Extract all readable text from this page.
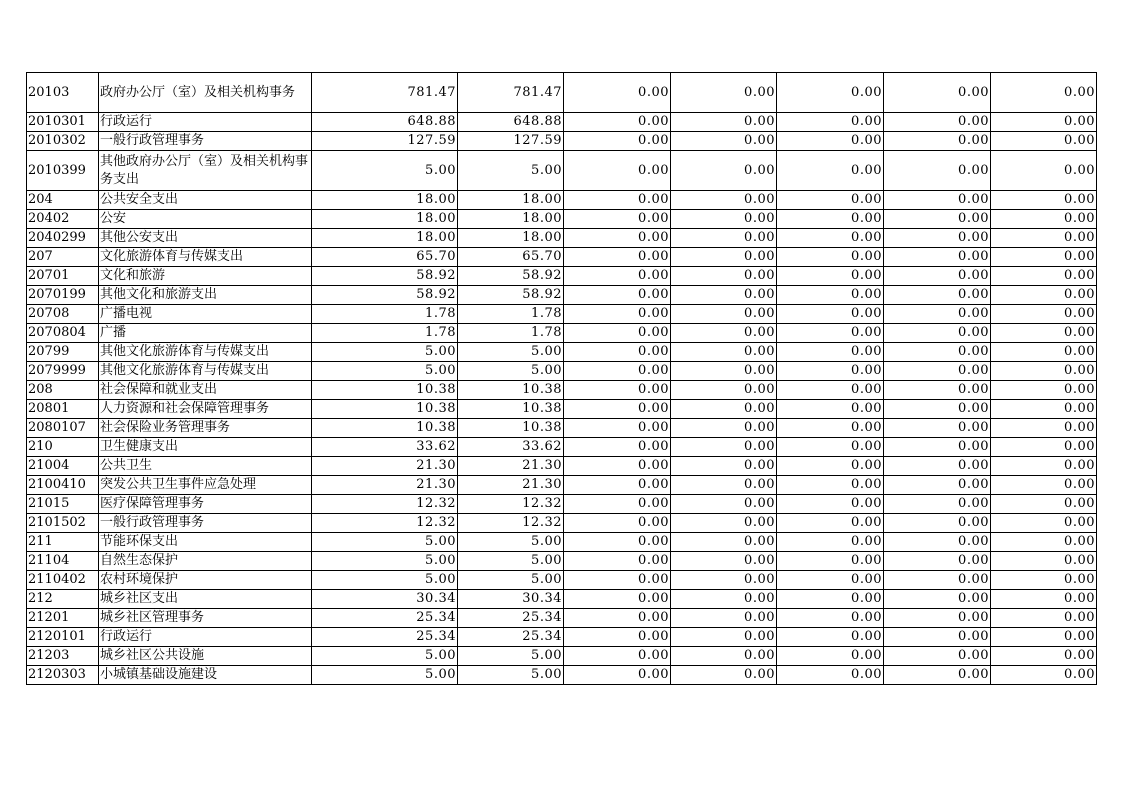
20103	政府办公厅（室）及相关机构事务	781.47	781.47	0.00	0.00	0.00	0.00	0.00
2010301	行政运行	648.88	648.88	0.00	0.00	0.00	0.00	0.00
2010302	一般行政管理事务	127.59	127.59	0.00	0.00	0.00	0.00	0.00
2010399	其他政府办公厅（室）及相关机构事务支出	5.00	5.00	0.00	0.00	0.00	0.00	0.00
204	公共安全支出	18.00	18.00	0.00	0.00	0.00	0.00	0.00
20402	公安	18.00	18.00	0.00	0.00	0.00	0.00	0.00
2040299	其他公安支出	18.00	18.00	0.00	0.00	0.00	0.00	0.00
207	文化旅游体育与传媒支出	65.70	65.70	0.00	0.00	0.00	0.00	0.00
20701	文化和旅游	58.92	58.92	0.00	0.00	0.00	0.00	0.00
2070199	其他文化和旅游支出	58.92	58.92	0.00	0.00	0.00	0.00	0.00
20708	广播电视	1.78	1.78	0.00	0.00	0.00	0.00	0.00
2070804	广播	1.78	1.78	0.00	0.00	0.00	0.00	0.00
20799	其他文化旅游体育与传媒支出	5.00	5.00	0.00	0.00	0.00	0.00	0.00
2079999	其他文化旅游体育与传媒支出	5.00	5.00	0.00	0.00	0.00	0.00	0.00
208	社会保障和就业支出	10.38	10.38	0.00	0.00	0.00	0.00	0.00
20801	人力资源和社会保障管理事务	10.38	10.38	0.00	0.00	0.00	0.00	0.00
2080107	社会保险业务管理事务	10.38	10.38	0.00	0.00	0.00	0.00	0.00
210	卫生健康支出	33.62	33.62	0.00	0.00	0.00	0.00	0.00
21004	公共卫生	21.30	21.30	0.00	0.00	0.00	0.00	0.00
2100410	突发公共卫生事件应急处理	21.30	21.30	0.00	0.00	0.00	0.00	0.00
21015	医疗保障管理事务	12.32	12.32	0.00	0.00	0.00	0.00	0.00
2101502	一般行政管理事务	12.32	12.32	0.00	0.00	0.00	0.00	0.00
211	节能环保支出	5.00	5.00	0.00	0.00	0.00	0.00	0.00
21104	自然生态保护	5.00	5.00	0.00	0.00	0.00	0.00	0.00
2110402	农村环境保护	5.00	5.00	0.00	0.00	0.00	0.00	0.00
212	城乡社区支出	30.34	30.34	0.00	0.00	0.00	0.00	0.00
21201	城乡社区管理事务	25.34	25.34	0.00	0.00	0.00	0.00	0.00
2120101	行政运行	25.34	25.34	0.00	0.00	0.00	0.00	0.00
21203	城乡社区公共设施	5.00	5.00	0.00	0.00	0.00	0.00	0.00
2120303	小城镇基础设施建设	5.00	5.00	0.00	0.00	0.00	0.00	0.00
